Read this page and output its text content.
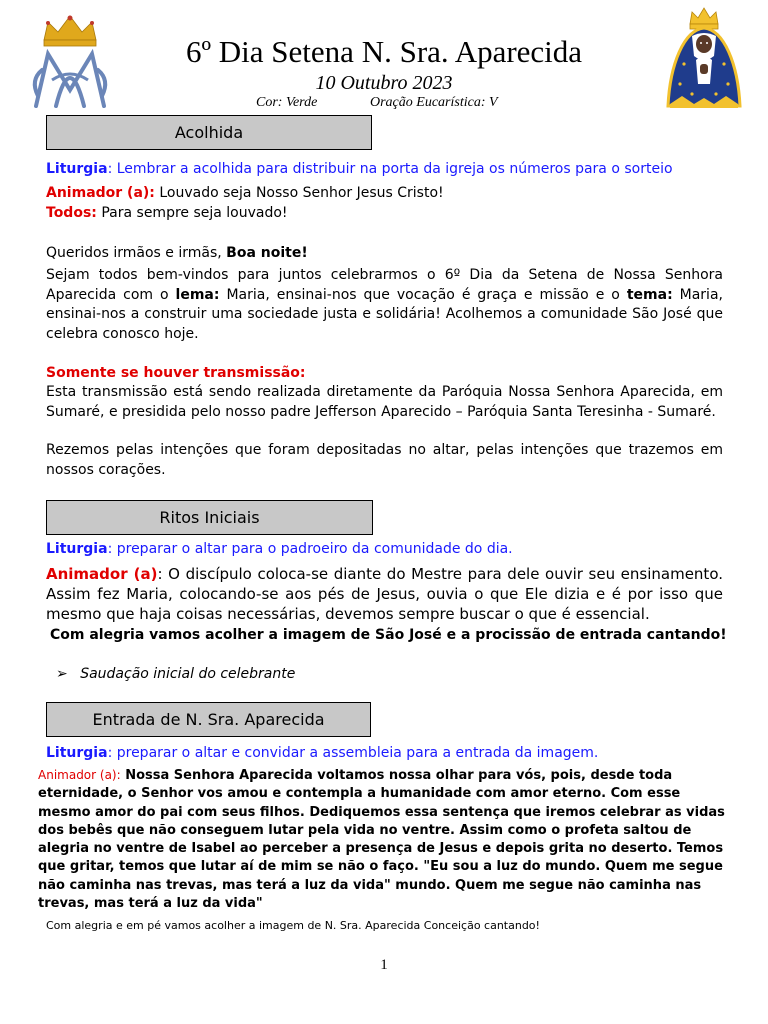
6º Dia Setena N. Sra. Aparecida
10 Outubro 2023
Cor: Verde	Oração Eucarística: V
Acolhida
Liturgia: Lembrar a acolhida para distribuir na porta da igreja os números para o sorteio
Animador (a): Louvado seja Nosso Senhor Jesus Cristo!
Todos: Para sempre seja louvado!
Queridos irmãos e irmãs, Boa noite!
Sejam todos bem-vindos para juntos celebrarmos o 6º Dia da Setena de Nossa Senhora Aparecida com o lema: Maria, ensinai-nos que vocação é graça e missão e o tema: Maria, ensinai-nos a construir uma sociedade justa e solidária! Acolhemos a comunidade São José que celebra conosco hoje.
Somente se houver transmissão:
Esta transmissão está sendo realizada diretamente da Paróquia Nossa Senhora Aparecida, em Sumaré, e presidida pelo nosso padre Jefferson Aparecido – Paróquia Santa Teresinha - Sumaré.
Rezemos pelas intenções que foram depositadas no altar, pelas intenções que trazemos em nossos corações.
Ritos Iniciais
Liturgia: preparar o altar para o padroeiro da comunidade do dia.
Animador (a): O discípulo coloca-se diante do Mestre para dele ouvir seu ensinamento. Assim fez Maria, colocando-se aos pés de Jesus, ouvia o que Ele dizia e é por isso que mesmo que haja coisas necessárias, devemos sempre buscar o que é essencial.
Com alegria vamos acolher a imagem de São José e a procissão de entrada cantando!
➢ Saudação inicial do celebrante
Entrada de N. Sra. Aparecida
Liturgia: preparar o altar e convidar a assembleia para a entrada da imagem.
Animador (a): Nossa Senhora Aparecida voltamos nossa olhar para vós, pois, desde toda eternidade, o Senhor vos amou e contempla a humanidade com amor eterno. Com esse mesmo amor do pai com seus filhos. Dediquemos essa sentença que iremos celebrar as vidas dos bebês que não conseguem lutar pela vida no ventre. Assim como o profeta saltou de alegria no ventre de Isabel ao perceber a presença de Jesus e depois grita no deserto. Temos que gritar, temos que lutar aí de mim se não o faço. "Eu sou a luz do mundo. Quem me segue não caminha nas trevas, mas terá a luz da vida" mundo. Quem me segue não caminha nas trevas, mas terá a luz da vida"
Com alegria e em pé vamos acolher a imagem de N. Sra. Aparecida Conceição cantando!
1
